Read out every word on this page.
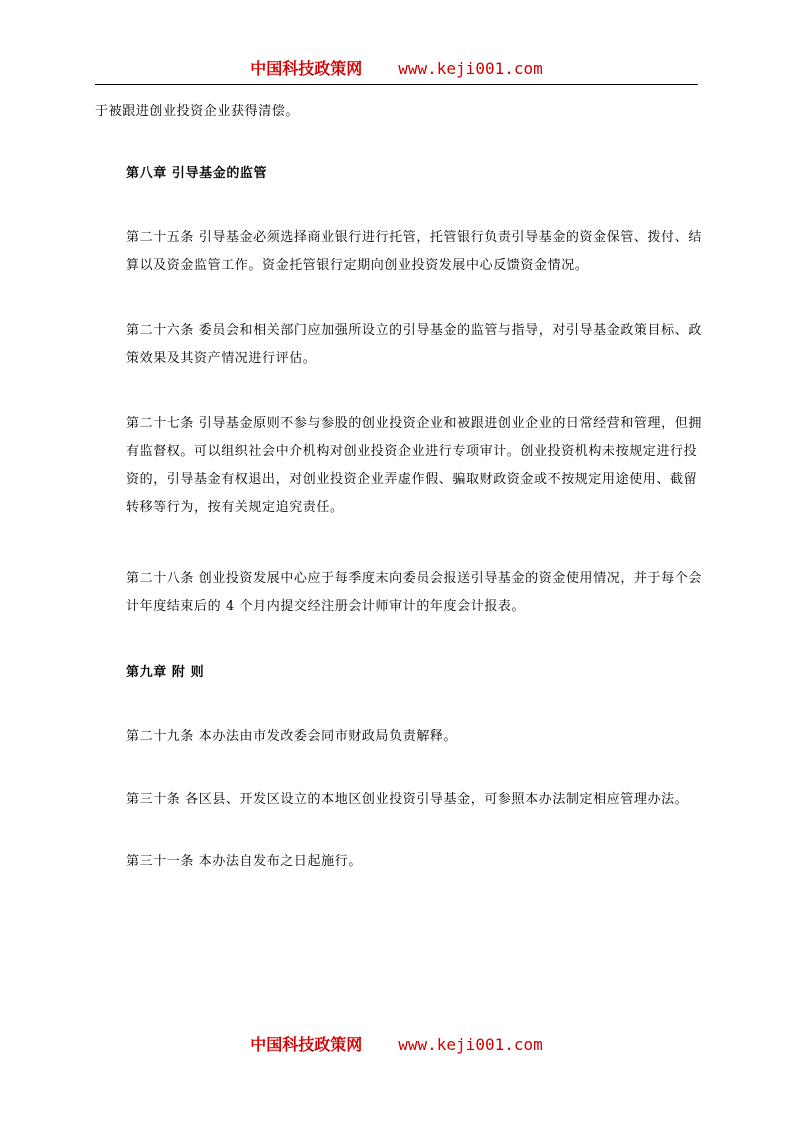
中国科技政策网 www.keji001.com
于被跟进创业投资企业获得清偿。
第八章 引导基金的监管
第二十五条 引导基金必须选择商业银行进行托管，托管银行负责引导基金的资金保管、拨付、结算以及资金监管工作。资金托管银行定期向创业投资发展中心反馈资金情况。
第二十六条 委员会和相关部门应加强所设立的引导基金的监管与指导，对引导基金政策目标、政策效果及其资产情况进行评估。
第二十七条 引导基金原则不参与参股的创业投资企业和被跟进创业企业的日常经营和管理，但拥有监督权。可以组织社会中介机构对创业投资企业进行专项审计。创业投资机构未按规定进行投资的，引导基金有权退出，对创业投资企业弄虚作假、骗取财政资金或不按规定用途使用、截留转移等行为，按有关规定追究责任。
第二十八条 创业投资发展中心应于每季度末向委员会报送引导基金的资金使用情况，并于每个会计年度结束后的 4 个月内提交经注册会计师审计的年度会计报表。
第九章 附 则
第二十九条 本办法由市发改委会同市财政局负责解释。
第三十条 各区县、开发区设立的本地区创业投资引导基金，可参照本办法制定相应管理办法。
第三十一条 本办法自发布之日起施行。
中国科技政策网 www.keji001.com
